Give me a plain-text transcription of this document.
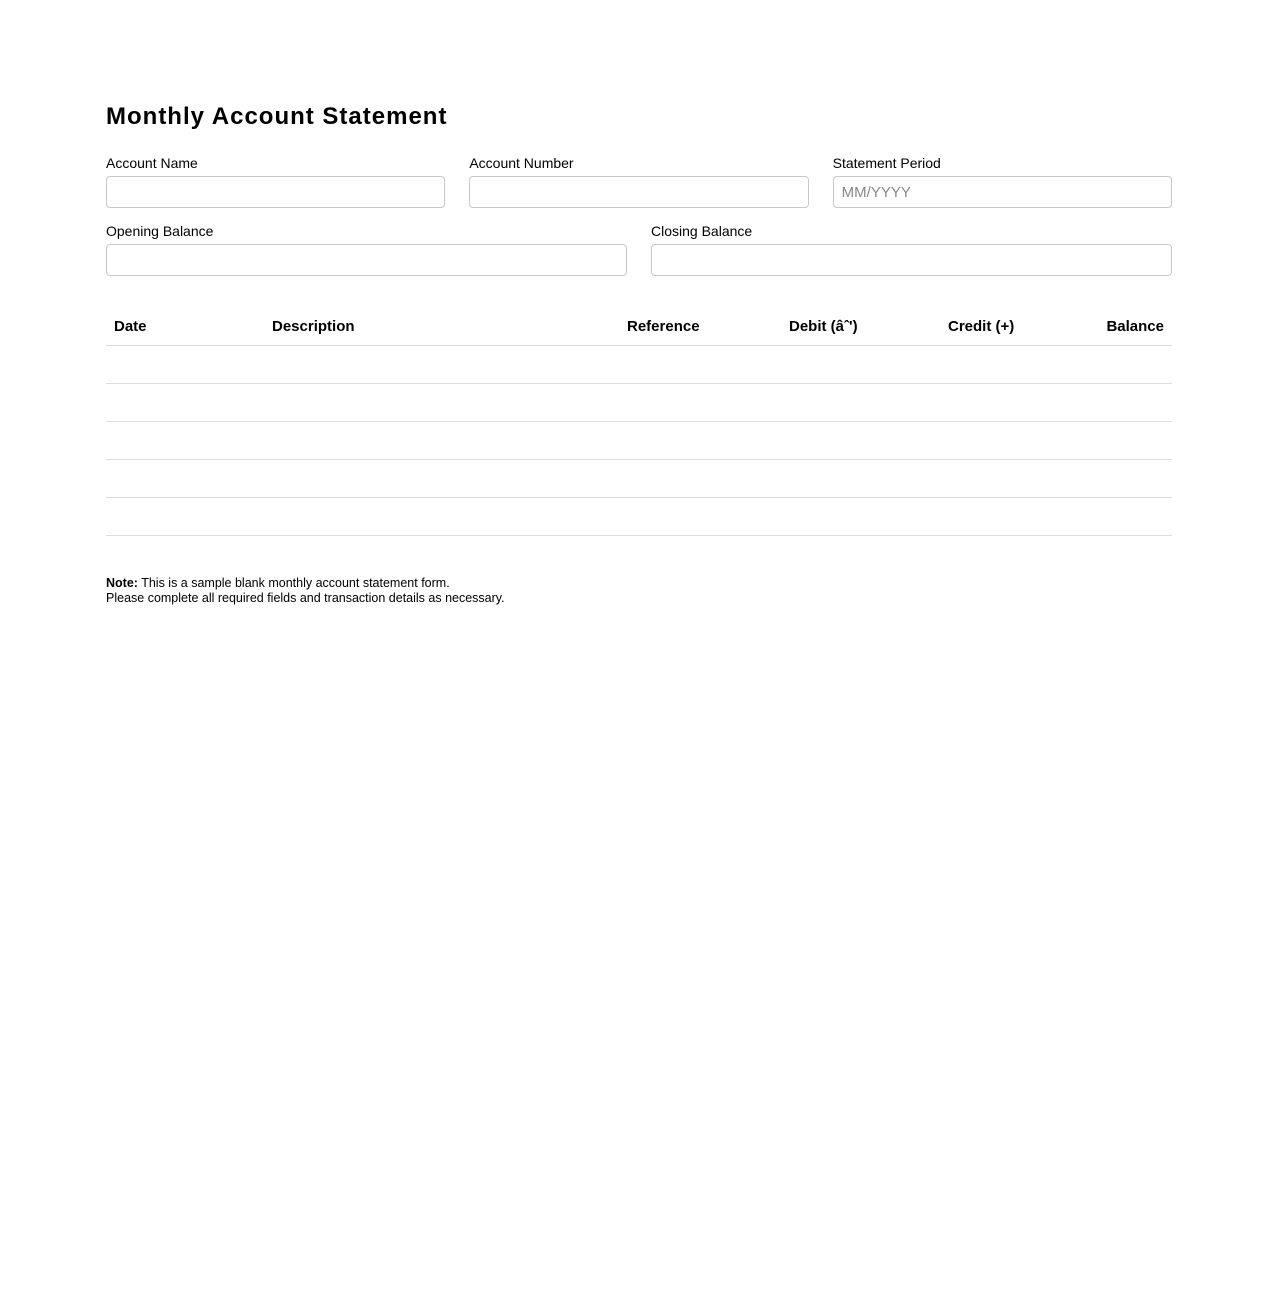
Monthly Account Statement
Account Name	Account Number	Statement Period
MM/YYYY
Opening Balance	Closing Balance
Date	Description	Reference	Debit (âˆ')	Credit (+)	Balance

Note: This is a sample blank monthly account statement form.
Please complete all required fields and transaction details as necessary.
